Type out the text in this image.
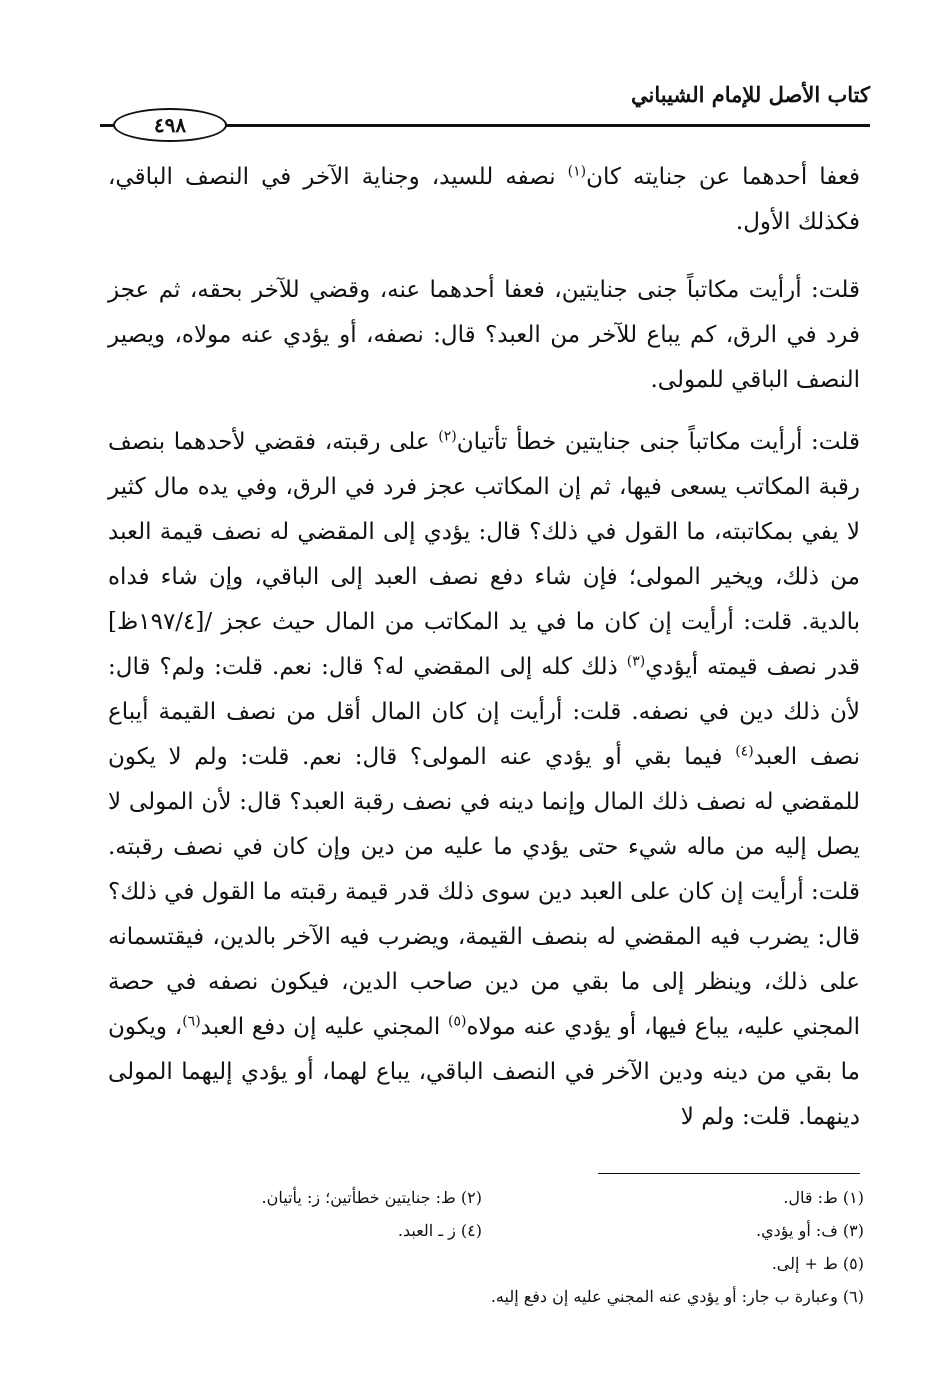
كتاب الأصل للإمام الشيباني
٤٩٨
فعفا أحدهما عن جنايته كان$^{(١)}$ نصفه للسيد، وجناية الآخر في النصف الباقي، فكذلك الأول.
قلت: أرأيت مكاتباً جنى جنايتين، فعفا أحدهما عنه، وقضي للآخر بحقه، ثم عجز فرد في الرق، كم يباع للآخر من العبد؟ قال: نصفه، أو يؤدي عنه مولاه، ويصير النصف الباقي للمولى.
قلت: أرأيت مكاتباً جنى جنايتين خطأ تأتيان$^{(٢)}$ على رقبته، فقضي لأحدهما بنصف رقبة المكاتب يسعى فيها، ثم إن المكاتب عجز فرد في الرق، وفي يده مال كثير لا يفي بمكاتبته، ما القول في ذلك؟ قال: يؤدي إلى المقضي له نصف قيمة العبد من ذلك، ويخير المولى؛ فإن شاء دفع نصف العبد إلى الباقي، وإن شاء فداه بالدية. قلت: أرأيت إن كان ما في يد المكاتب من المال حيث عجز /[١٩٧/٤ظ] قدر نصف قيمته أيؤدي$^{(٣)}$ ذلك كله إلى المقضي له؟ قال: نعم. قلت: ولم؟ قال: لأن ذلك دين في نصفه. قلت: أرأيت إن كان المال أقل من نصف القيمة أيباع نصف العبد$^{(٤)}$ فيما بقي أو يؤدي عنه المولى؟ قال: نعم. قلت: ولم لا يكون للمقضي له نصف ذلك المال وإنما دينه في نصف رقبة العبد؟ قال: لأن المولى لا يصل إليه من ماله شيء حتى يؤدي ما عليه من دين وإن كان في نصف رقبته. قلت: أرأيت إن كان على العبد دين سوى ذلك قدر قيمة رقبته ما القول في ذلك؟ قال: يضرب فيه المقضي له بنصف القيمة، ويضرب فيه الآخر بالدين، فيقتسمانه على ذلك، وينظر إلى ما بقي من دين صاحب الدين، فيكون نصفه في حصة المجني عليه، يباع فيها، أو يؤدي عنه مولاه$^{(٥)}$ المجني عليه إن دفع العبد$^{(٦)}$، ويكون ما بقي من دينه ودين الآخر في النصف الباقي، يباع لهما، أو يؤدي إليهما المولى دينهما. قلت: ولم لا
(١) ط: قال.
(٢) ط: جنايتين خطأتين؛ ز: يأتيان.
(٣) ف: أو يؤدي.
(٤) ز ـ العبد.
(٥) ط + إلى.
(٦) وعبارة ب جار: أو يؤدي عنه المجني عليه إن دفع إليه.
